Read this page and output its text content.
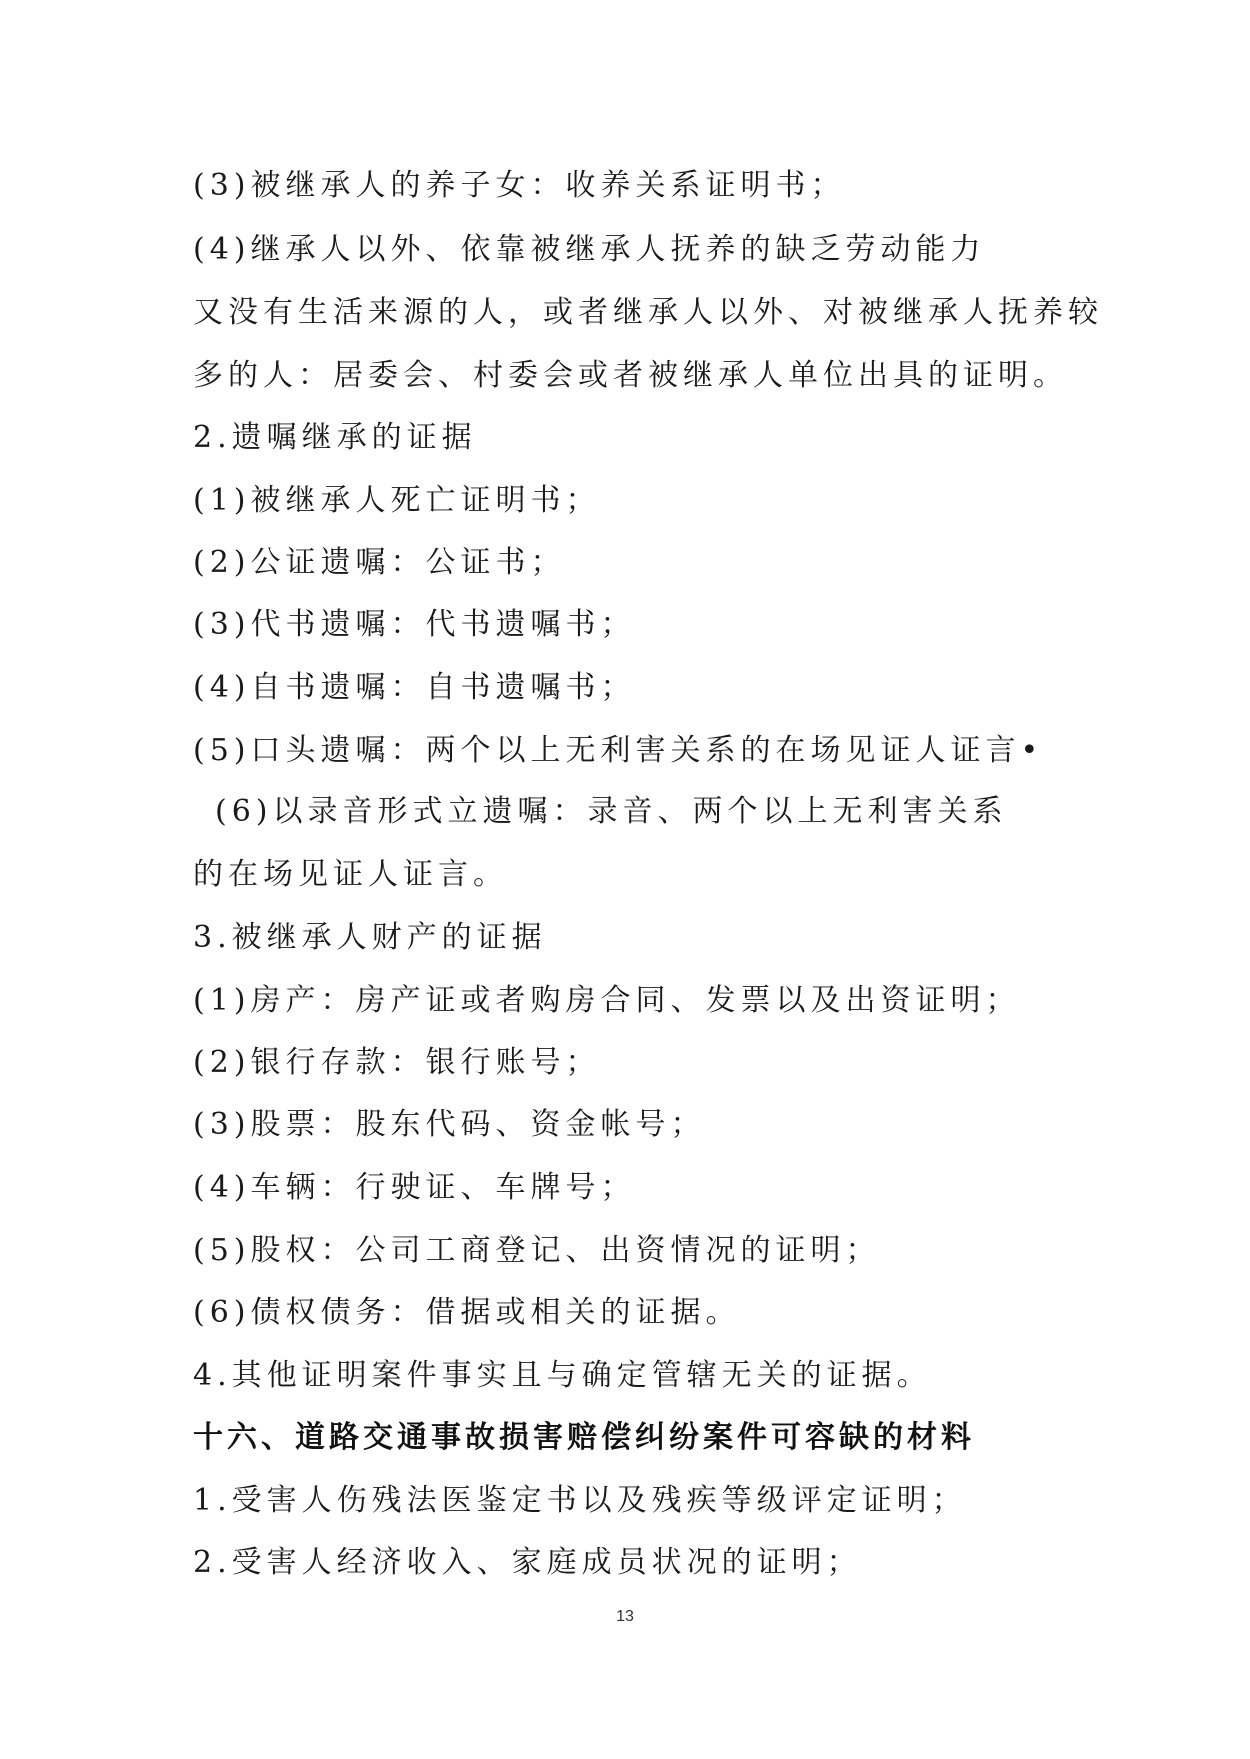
(3)被继承人的养子女：收养关系证明书；
(4)继承人以外、依靠被继承人抚养的缺乏劳动能力
又没有生活来源的人，或者继承人以外、对被继承人抚养较
多的人：居委会、村委会或者被继承人单位出具的证明。
2.遗嘱继承的证据
(1)被继承人死亡证明书；
(2)公证遗嘱：公证书；
(3)代书遗嘱：代书遗嘱书；
(4)自书遗嘱：自书遗嘱书；
(5)口头遗嘱：两个以上无利害关系的在场见证人证言•
(6)以录音形式立遗嘱：录音、两个以上无利害关系
的在场见证人证言。
3.被继承人财产的证据
(1)房产：房产证或者购房合同、发票以及出资证明；
(2)银行存款：银行账号；
(3)股票：股东代码、资金帐号；
(4)车辆：行驶证、车牌号；
(5)股权：公司工商登记、出资情况的证明；
(6)债权债务：借据或相关的证据。
4.其他证明案件事实且与确定管辖无关的证据。
十六、道路交通事故损害赔偿纠纷案件可容缺的材料
1.受害人伤残法医鉴定书以及残疾等级评定证明；
2.受害人经济收入、家庭成员状况的证明；
13
